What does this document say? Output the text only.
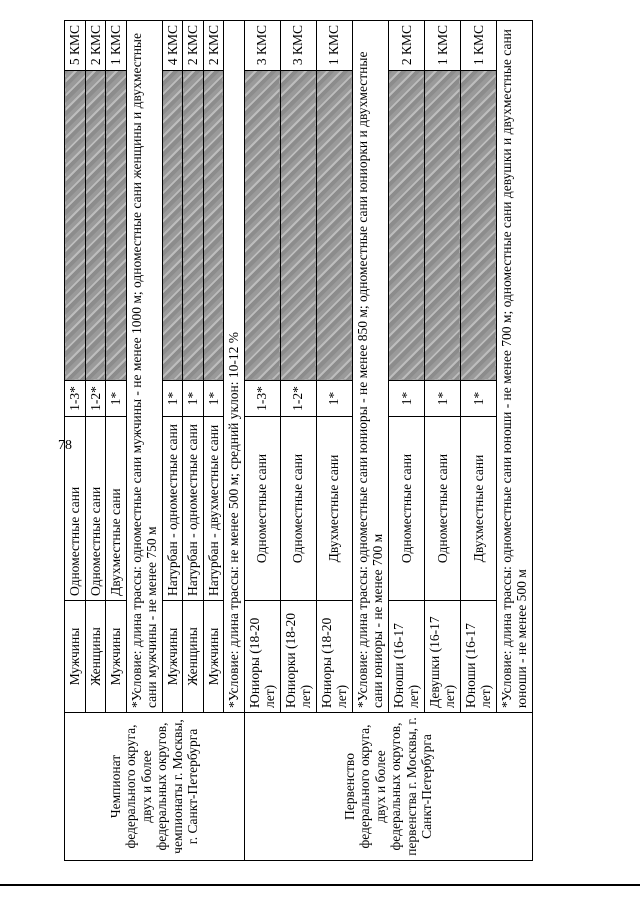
78
Чемпионат федерального округа, двух и более федеральных округов, чемпионаты г. Москвы, г. Санкт-Петербурга	Мужчины	Одноместные сани	1-3*		5 КМС
	Женщины	Одноместные сани	1-2*		2 КМС
	Мужчины	Двухместные сани	1*		1 КМС
	*Условие: длина трассы: одноместные сани мужчины - не менее 1000 м; одноместные сани женщины и двухместные сани мужчины - не менее 750 м				
	Мужчины	Натурбан - одноместные сани	1*		4 КМС
	Женщины	Натурбан - одноместные сани	1*		2 КМС
	Мужчины	Натурбан - двухместные сани	1*		2 КМС
	*Условие: длина трассы: не менее 500 м; средний уклон: 10-12 %				
Первенство федерального округа, двух и более федеральных округов, первенства г. Москвы, г. Санкт-Петербурга	Юниоры (18-20 лет)	Одноместные сани	1-3*		3 КМС
	Юниорки (18-20 лет)	Одноместные сани	1-2*		3 КМС
	Юниоры (18-20 лет)	Двухместные сани	1*		1 КМС
	*Условие: длина трассы: одноместные сани юниоры - не менее 850 м; одноместные сани юниорки и двухместные сани юниоры - не менее 700 м				
	Юноши (16-17 лет)	Одноместные сани	1*		2 КМС
	Девушки (16-17 лет)	Одноместные сани	1*		1 КМС
	Юноши (16-17 лет)	Двухместные сани	1*		1 КМС
	*Условие: длина трассы: одноместные сани юноши - не менее 700 м; одноместные сани девушки и двухместные сани юноши - не менее 500 м				
